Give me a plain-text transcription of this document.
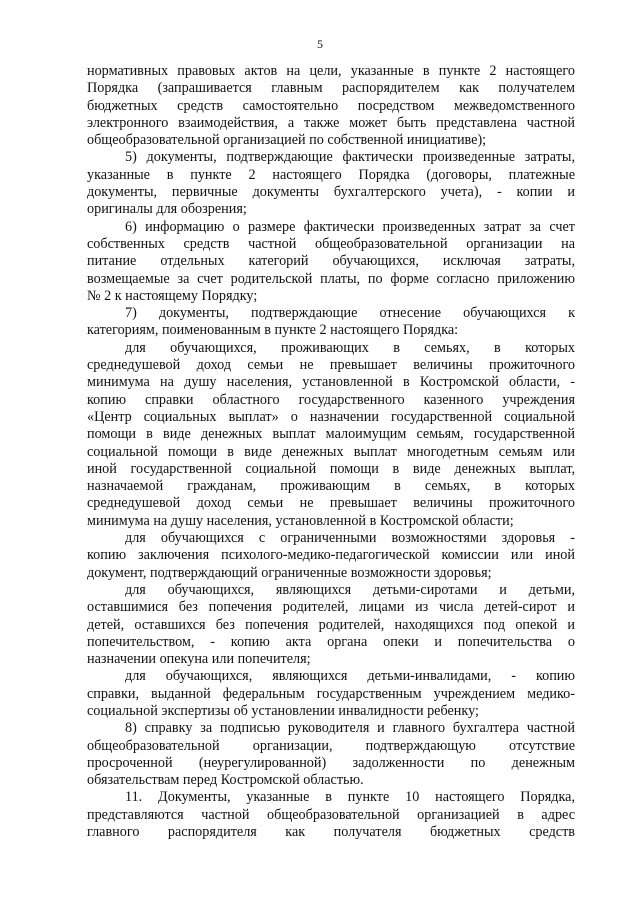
5
нормативных правовых актов на цели, указанные в пункте 2 настоящего
Порядка (запрашивается главным распорядителем как получателем
бюджетных средств самостоятельно посредством межведомственного
электронного взаимодействия, а также может быть представлена частной
общеобразовательной организацией по собственной инициативе);
5) документы, подтверждающие фактически произведенные затраты,
указанные в пункте 2 настоящего Порядка (договоры, платежные
документы, первичные документы бухгалтерского учета), - копии и
оригиналы для обозрения;
6) информацию о размере фактически произведенных затрат за счет
собственных средств частной общеобразовательной организации на
питание отдельных категорий обучающихся, исключая затраты,
возмещаемые за счет родительской платы, по форме согласно приложению
№ 2 к настоящему Порядку;
7) документы, подтверждающие отнесение обучающихся к
категориям, поименованным в пункте 2 настоящего Порядка:
для обучающихся, проживающих в семьях, в которых
среднедушевой доход семьи не превышает величины прожиточного
минимума на душу населения, установленной в Костромской области, -
копию справки областного государственного казенного учреждения
«Центр социальных выплат» о назначении государственной социальной
помощи в виде денежных выплат малоимущим семьям, государственной
социальной помощи в виде денежных выплат многодетным семьям или
иной государственной социальной помощи в виде денежных выплат,
назначаемой гражданам, проживающим в семьях, в которых
среднедушевой доход семьи не превышает величины прожиточного
минимума на душу населения, установленной в Костромской области;
для обучающихся с ограниченными возможностями здоровья -
копию заключения психолого-медико-педагогической комиссии или иной
документ, подтверждающий ограниченные возможности здоровья;
для обучающихся, являющихся детьми-сиротами и детьми,
оставшимися без попечения родителей, лицами из числа детей-сирот и
детей, оставшихся без попечения родителей, находящихся под опекой и
попечительством, - копию акта органа опеки и попечительства о
назначении опекуна или попечителя;
для обучающихся, являющихся детьми-инвалидами, - копию
справки, выданной федеральным государственным учреждением медико-
социальной экспертизы об установлении инвалидности ребенку;
8) справку за подписью руководителя и главного бухгалтера частной
общеобразовательной организации, подтверждающую отсутствие
просроченной (неурегулированной) задолженности по денежным
обязательствам перед Костромской областью.
11. Документы, указанные в пункте 10 настоящего Порядка,
представляются частной общеобразовательной организацией в адрес
главного распорядителя как получателя бюджетных средств
